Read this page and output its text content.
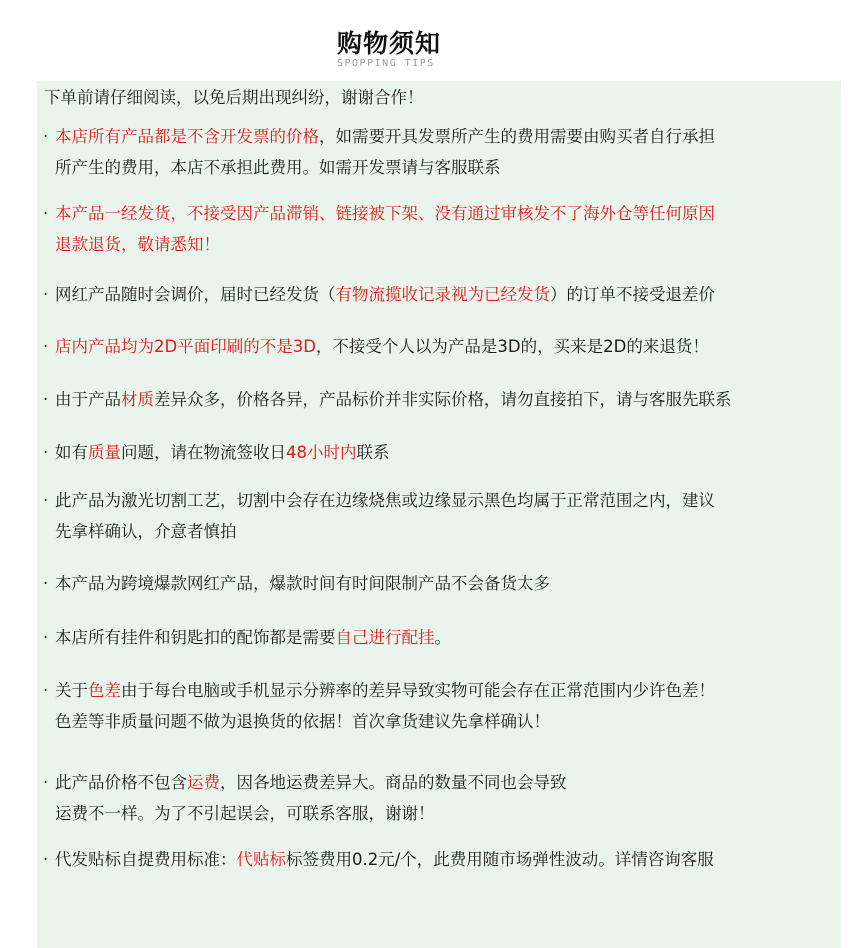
购物须知
SPOPPING TIPS
下单前请仔细阅读，以免后期出现纠纷，谢谢合作！
· 本店所有产品都是不含开发票的价格，如需要开具发票所产生的费用需要由购买者自行承担
所产生的费用，本店不承担此费用。如需开发票请与客服联系
· 本产品一经发货，不接受因产品滞销、链接被下架、没有通过审核发不了海外仓等任何原因
退款退货，敬请悉知！
· 网红产品随时会调价，届时已经发货（有物流揽收记录视为已经发货）的订单不接受退差价
· 店内产品均为2D平面印刷的不是3D，不接受个人以为产品是3D的，买来是2D的来退货！
· 由于产品材质差异众多，价格各异，产品标价并非实际价格，请勿直接拍下，请与客服先联系
· 如有质量问题，请在物流签收日48小时内联系
· 此产品为激光切割工艺，切割中会存在边缘烧焦或边缘显示黑色均属于正常范围之内，建议
先拿样确认，介意者慎拍
· 本产品为跨境爆款网红产品，爆款时间有时间限制产品不会备货太多
· 本店所有挂件和钥匙扣的配饰都是需要自己进行配挂。
· 关于色差由于每台电脑或手机显示分辨率的差异导致实物可能会存在正常范围内少许色差！
色差等非质量问题不做为退换货的依据！首次拿货建议先拿样确认！
· 此产品价格不包含运费，因各地运费差异大。商品的数量不同也会导致
运费不一样。为了不引起误会，可联系客服，谢谢！
· 代发贴标自提费用标准：代贴标标签费用0.2元/个，此费用随市场弹性波动。详情咨询客服
